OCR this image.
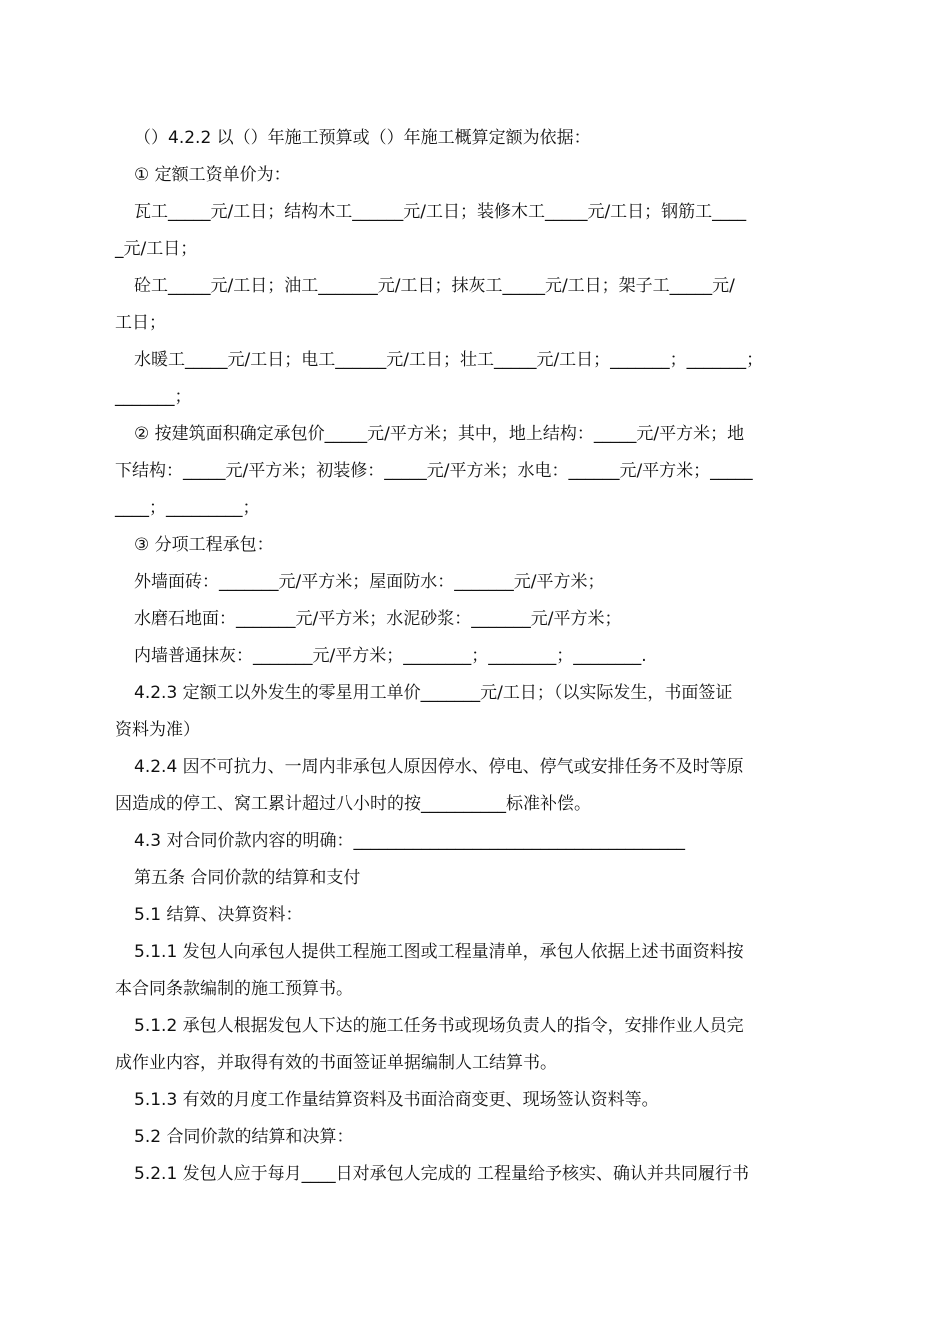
（）4.2.2 以（）年施工预算或（）年施工概算定额为依据：
① 定额工资单价为：
瓦工_____元/工日；结构木工______元/工日；装修木工_____元/工日；钢筋工____
_元/工日；
砼工_____元/工日；油工_______元/工日；抹灰工_____元/工日；架子工_____元/
工日；
水暖工_____元/工日；电工______元/工日；壮工_____元/工日；_______；_______；
_______；
② 按建筑面积确定承包价_____元/平方米；其中，地上结构：_____元/平方米；地
下结构：_____元/平方米；初装修：_____元/平方米；水电：______元/平方米；_____
____；_________；
③ 分项工程承包：
外墙面砖：_______元/平方米；屋面防水：_______元/平方米；
水磨石地面：_______元/平方米；水泥砂浆：_______元/平方米；
内墙普通抹灰：_______元/平方米；________；________；________.
4.2.3 定额工以外发生的零星用工单价_______元/工日；（以实际发生，书面签证
资料为准）
4.2.4 因不可抗力、一周内非承包人原因停水、停电、停气或安排任务不及时等原
因造成的停工、窝工累计超过八小时的按__________标准补偿。
4.3 对合同价款内容的明确：_______________________________________
第五条 合同价款的结算和支付
5.1 结算、决算资料：
5.1.1 发包人向承包人提供工程施工图或工程量清单，承包人依据上述书面资料按
本合同条款编制的施工预算书。
5.1.2 承包人根据发包人下达的施工任务书或现场负责人的指令，安排作业人员完
成作业内容，并取得有效的书面签证单据编制人工结算书。
5.1.3 有效的月度工作量结算资料及书面洽商变更、现场签认资料等。
5.2 合同价款的结算和决算：
5.2.1 发包人应于每月____日对承包人完成的 工程量给予核实、确认并共同履行书
